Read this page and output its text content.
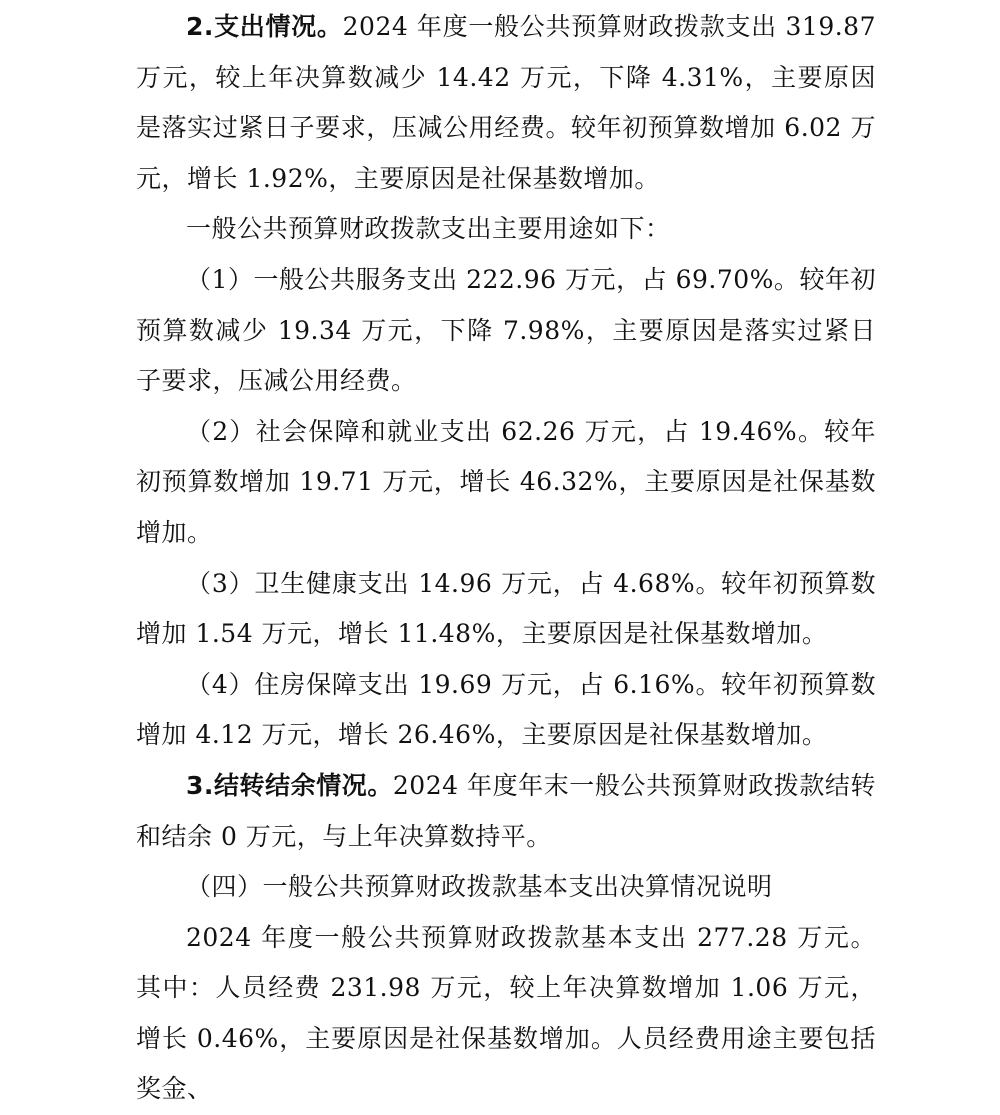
2.支出情况。2024 年度一般公共预算财政拨款支出 319.87 万元，较上年决算数减少 14.42 万元，下降 4.31%，主要原因是落实过紧日子要求，压减公用经费。较年初预算数增加 6.02 万元，增长 1.92%，主要原因是社保基数增加。

一般公共预算财政拨款支出主要用途如下：

（1）一般公共服务支出 222.96 万元，占 69.70%。较年初预算数减少 19.34 万元，下降 7.98%，主要原因是落实过紧日子要求，压减公用经费。

（2）社会保障和就业支出 62.26 万元，占 19.46%。较年初预算数增加 19.71 万元，增长 46.32%，主要原因是社保基数增加。

（3）卫生健康支出 14.96 万元，占 4.68%。较年初预算数增加 1.54 万元，增长 11.48%，主要原因是社保基数增加。

（4）住房保障支出 19.69 万元，占 6.16%。较年初预算数增加 4.12 万元，增长 26.46%，主要原因是社保基数增加。

3.结转结余情况。2024 年度年末一般公共预算财政拨款结转和结余 0 万元，与上年决算数持平。

（四）一般公共预算财政拨款基本支出决算情况说明

2024 年度一般公共预算财政拨款基本支出 277.28 万元。其中：人员经费 231.98 万元，较上年决算数增加 1.06 万元，增长 0.46%，主要原因是社保基数增加。人员经费用途主要包括奖金、
